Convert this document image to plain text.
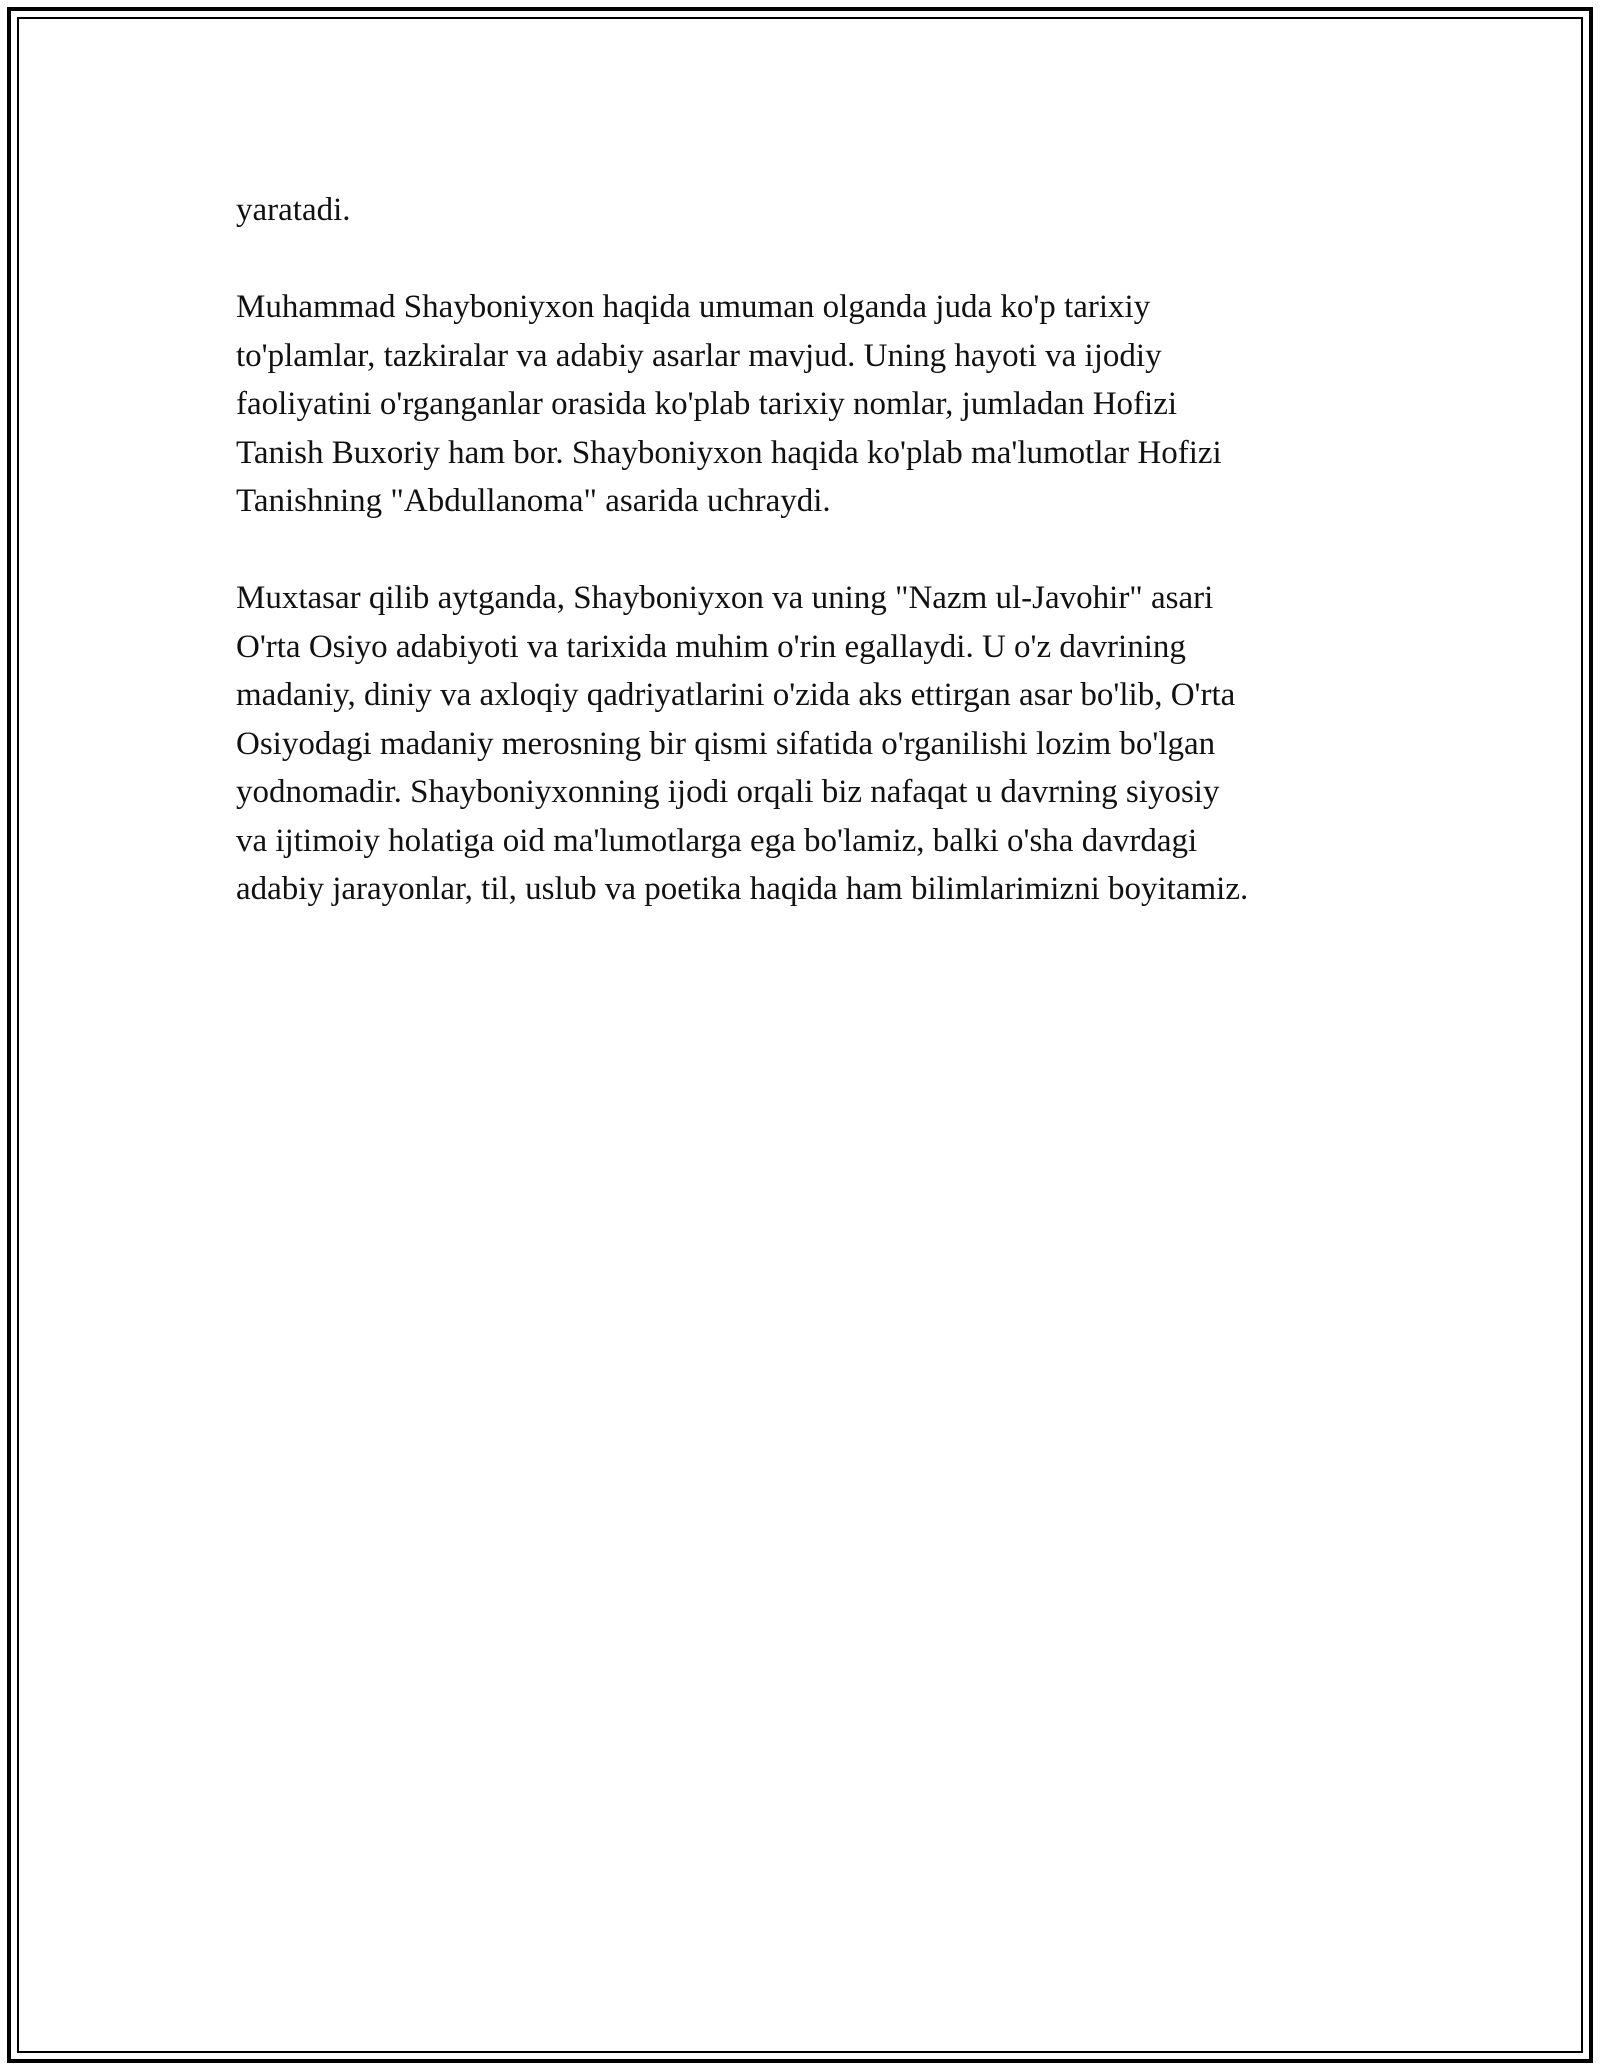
yaratadi.

Muhammad Shayboniyxon haqida umuman olganda juda ko'p tarixiy
to'plamlar, tazkiralar va adabiy asarlar mavjud. Uning hayoti va ijodiy
faoliyatini o'rganganlar orasida ko'plab tarixiy nomlar, jumladan Hofizi
Tanish Buxoriy ham bor. Shayboniyxon haqida ko'plab ma'lumotlar Hofizi
Tanishning "Abdullanoma" asarida uchraydi.

Muxtasar qilib aytganda, Shayboniyxon va uning "Nazm ul-Javohir" asari
O'rta Osiyo adabiyoti va tarixida muhim o'rin egallaydi. U o'z davrining
madaniy, diniy va axloqiy qadriyatlarini o'zida aks ettirgan asar bo'lib, O'rta
Osiyodagi madaniy merosning bir qismi sifatida o'rganilishi lozim bo'lgan
yodnomadir. Shayboniyxonning ijodi orqali biz nafaqat u davrning siyosiy
va ijtimoiy holatiga oid ma'lumotlarga ega bo'lamiz, balki o'sha davrdagi
adabiy jarayonlar, til, uslub va poetika haqida ham bilimlarimizni boyitamiz.
